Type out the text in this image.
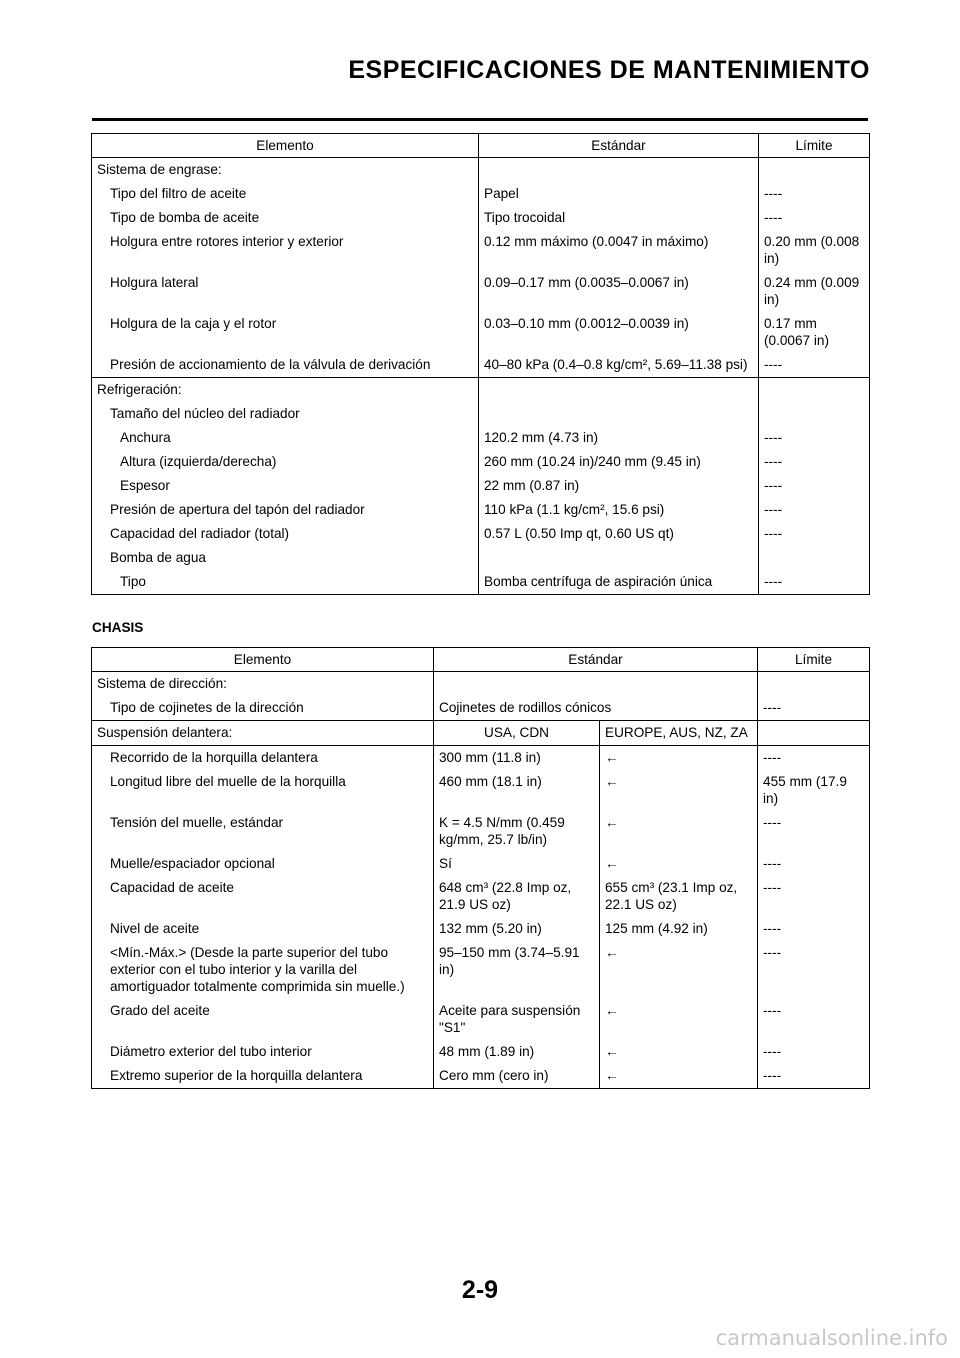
ESPECIFICACIONES DE MANTENIMIENTO
Elemento	Estándar	Límite
Sistema de engrase:		
Tipo del filtro de aceite	Papel	----
Tipo de bomba de aceite	Tipo trocoidal	----
Holgura entre rotores interior y exterior	0.12 mm máximo (0.0047 in máximo)	0.20 mm (0.008 in)
Holgura lateral	0.09–0.17 mm (0.0035–0.0067 in)	0.24 mm (0.009 in)
Holgura de la caja y el rotor	0.03–0.10 mm (0.0012–0.0039 in)	0.17 mm (0.0067 in)
Presión de accionamiento de la válvula de derivación	40–80 kPa (0.4–0.8 kg/cm², 5.69–11.38 psi)	----
Refrigeración:		
Tamaño del núcleo del radiador		
Anchura	120.2 mm (4.73 in)	----
Altura (izquierda/derecha)	260 mm (10.24 in)/240 mm (9.45 in)	----
Espesor	22 mm (0.87 in)	----
Presión de apertura del tapón del radiador	110 kPa (1.1 kg/cm², 15.6 psi)	----
Capacidad del radiador (total)	0.57 L (0.50 Imp qt, 0.60 US qt)	----
Bomba de agua		
Tipo	Bomba centrífuga de aspiración única	----

CHASIS

Elemento	Estándar		Límite
Sistema de dirección:			
Tipo de cojinetes de la dirección	Cojinetes de rodillos cónicos		----
Suspensión delantera:	USA, CDN	EUROPE, AUS, NZ, ZA	
Recorrido de la horquilla delantera	300 mm (11.8 in)	←	----
Longitud libre del muelle de la horquilla	460 mm (18.1 in)	←	455 mm (17.9 in)
Tensión del muelle, estándar	K = 4.5 N/mm (0.459 kg/mm, 25.7 lb/in)	←	----
Muelle/espaciador opcional	Sí	←	----
Capacidad de aceite	648 cm³ (22.8 Imp oz, 21.9 US oz)	655 cm³ (23.1 Imp oz, 22.1 US oz)	----
Nivel de aceite	132 mm (5.20 in)	125 mm (4.92 in)	----
<Mín.-Máx.> (Desde la parte superior del tubo exterior con el tubo interior y la varilla del amortiguador totalmente comprimida sin muelle.)	95–150 mm (3.74–5.91 in)	←	----
Grado del aceite	Aceite para suspensión "S1"	←	----
Diámetro exterior del tubo interior	48 mm (1.89 in)	←	----
Extremo superior de la horquilla delantera	Cero mm (cero in)	←	----

2-9

carmanualsonline.info
